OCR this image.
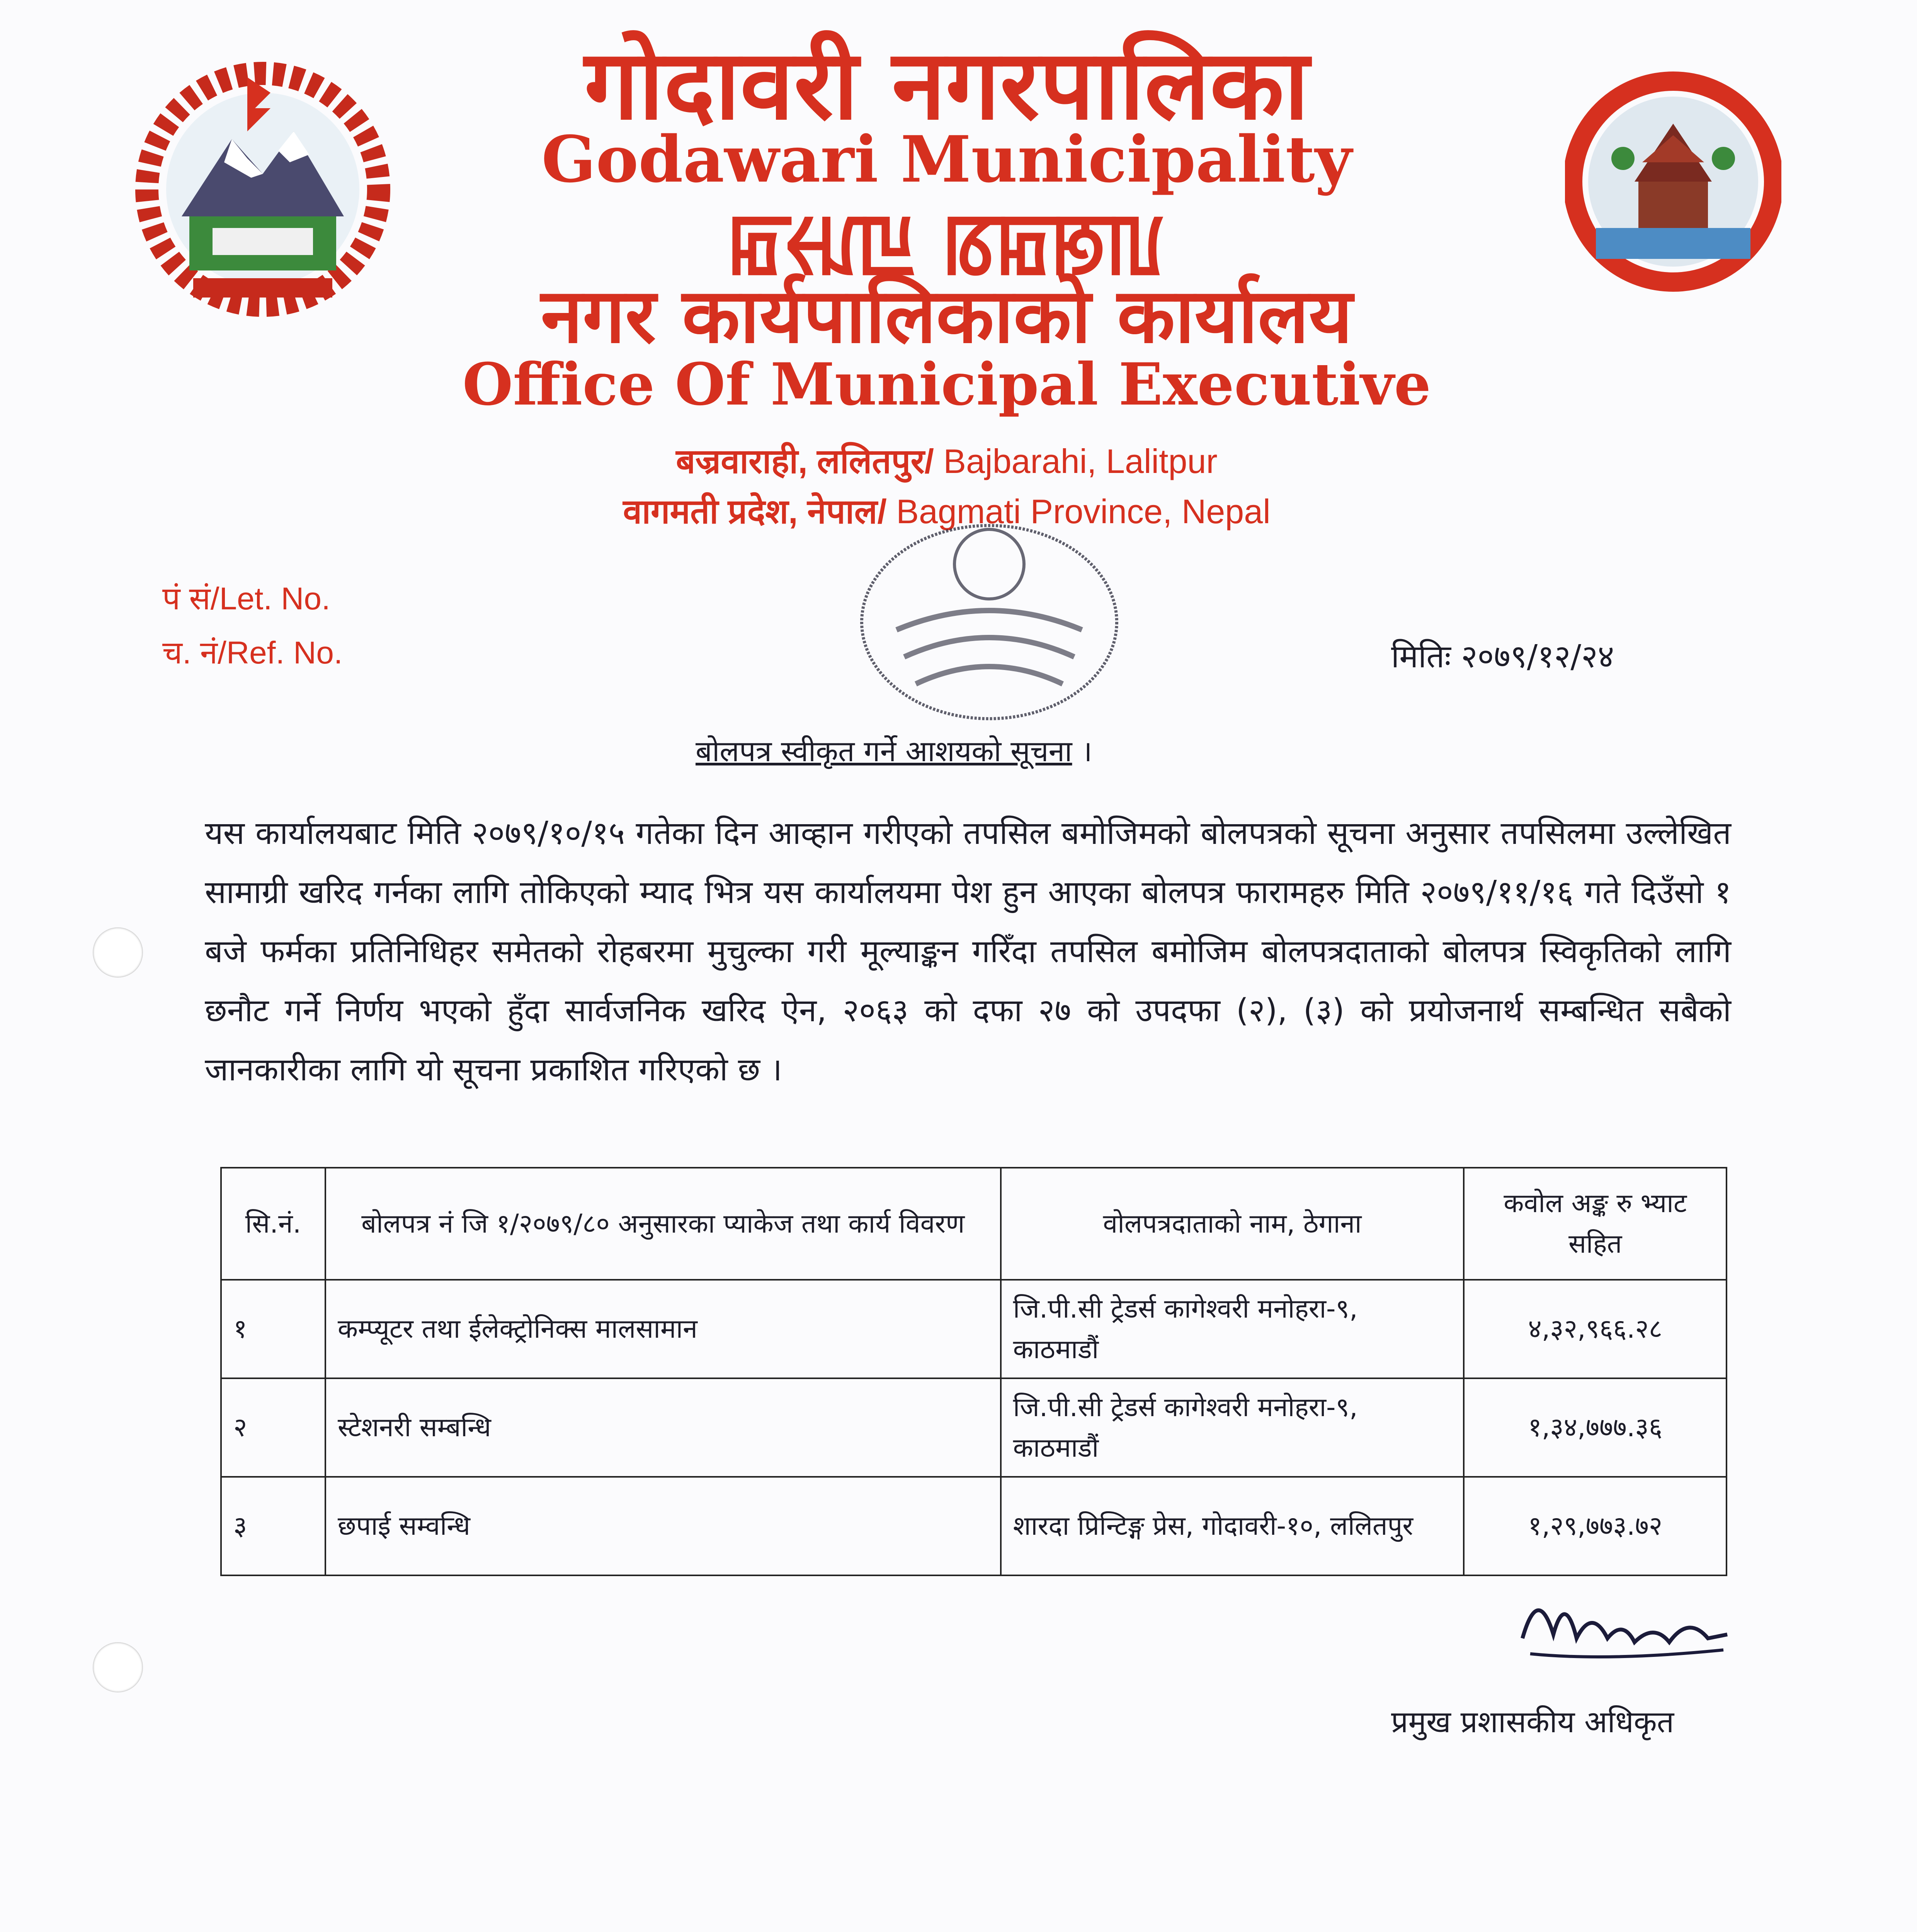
गोदावरी नगरपालिका
Godawari Municipality
ꡂꡡꡊꡖ ꡋꡂꡐꡃ
नगर कार्यपालिकाको कार्यालय
Office Of Municipal Executive
बज्रवाराही, ललितपुर/ Bajbarahi, Lalitpur
वागमती प्रदेश, नेपाल/ Bagmati Province, Nepal
पं सं/Let. No.
च. नं/Ref. No.	मितिः २०७९/१२/२४
बोलपत्र स्वीकृत गर्ने आशयको सूचना ।
यस कार्यालयबाट मिति २०७९/१०/१५ गतेका दिन आव्हान गरीएको तपसिल बमोजिमको बोलपत्रको सूचना अनुसार तपसिलमा उल्लेखित सामाग्री खरिद गर्नका लागि तोकिएको म्याद भित्र यस कार्यालयमा पेश हुन आएका बोलपत्र फारामहरु मिति २०७९/११/१६ गते दिउँसो १ बजे फर्मका प्रतिनिधिहर समेतको रोहबरमा मुचुल्का गरी मूल्याङ्कन गरिँदा तपसिल बमोजिम बोलपत्रदाताको बोलपत्र स्विकृतिको लागि छनौट गर्ने निर्णय भएको हुँदा सार्वजनिक खरिद ऐन, २०६३ को दफा २७ को उपदफा (२), (३) को प्रयोजनार्थ सम्बन्धित सबैको जानकारीका लागि यो सूचना प्रकाशित गरिएको छ ।
सि.नं.	बोलपत्र नं जि १/२०७९/८० अनुसारका प्याकेज तथा कार्य विवरण	वोलपत्रदाताको नाम, ठेगाना	कवोल अङ्क रु भ्याट सहित
१	कम्प्यूटर तथा ईलेक्ट्रोनिक्स मालसामान	जि.पी.सी ट्रेडर्स कागेश्वरी मनोहरा-९, काठमाडौं	४,३२,९६६.२८
२	स्टेशनरी सम्बन्धि	जि.पी.सी ट्रेडर्स कागेश्वरी मनोहरा-९, काठमाडौं	१,३४,७७७.३६
३	छपाई सम्वन्धि	शारदा प्रिन्टिङ्ग प्रेस, गोदावरी-१०, ललितपुर	१,२९,७७३.७२
प्रमुख प्रशासकीय अधिकृत
